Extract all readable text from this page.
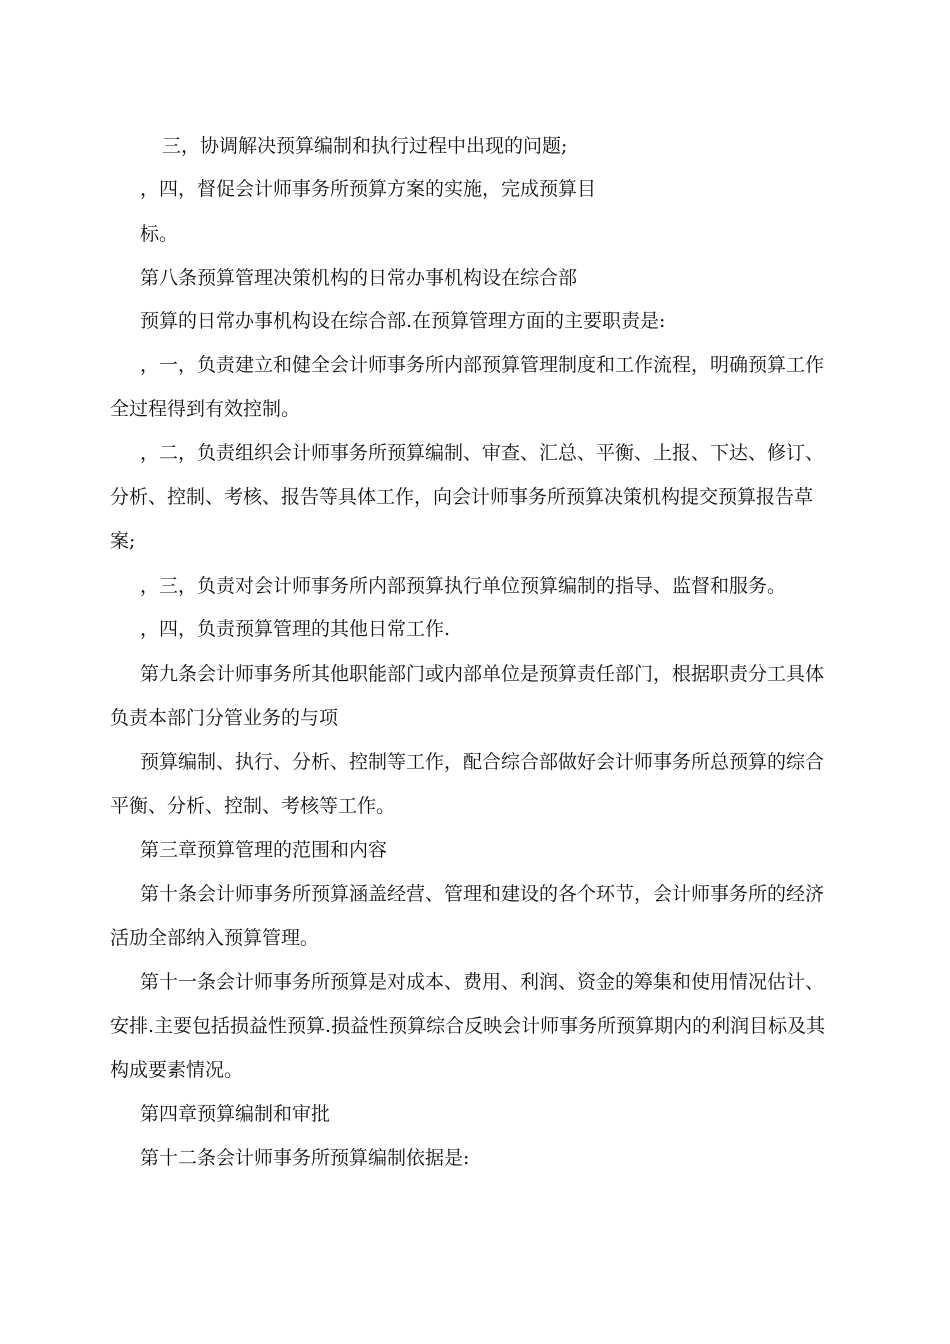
三，协调解决预算编制和执行过程中出现的问题;
，四，督促会计师事务所预算方案的实施，完成预算目
标。
第八条预算管理决策机构的日常办事机构设在综合部
预算的日常办事机构设在综合部.在预算管理方面的主要职责是:
，一，负责建立和健全会计师事务所内部预算管理制度和工作流程，明确预算工作
全过程得到有效控制。
，二，负责组织会计师事务所预算编制、审查、汇总、平衡、上报、下达、修订、
分析、控制、考核、报告等具体工作，向会计师事务所预算决策机构提交预算报告草
案;
，三，负责对会计师事务所内部预算执行单位预算编制的指导、监督和服务。
，四，负责预算管理的其他日常工作.
第九条会计师事务所其他职能部门或内部单位是预算责任部门，根据职责分工具体
负责本部门分管业务的与项
预算编制、执行、分析、控制等工作，配合综合部做好会计师事务所总预算的综合
平衡、分析、控制、考核等工作。
第三章预算管理的范围和内容
第十条会计师事务所预算涵盖经营、管理和建设的各个环节，会计师事务所的经济
活劢全部纳入预算管理。
第十一条会计师事务所预算是对成本、费用、利润、资金的筹集和使用情况估计、
安排.主要包括损益性预算.损益性预算综合反映会计师事务所预算期内的利润目标及其
构成要素情况。
第四章预算编制和审批
第十二条会计师事务所预算编制依据是:
